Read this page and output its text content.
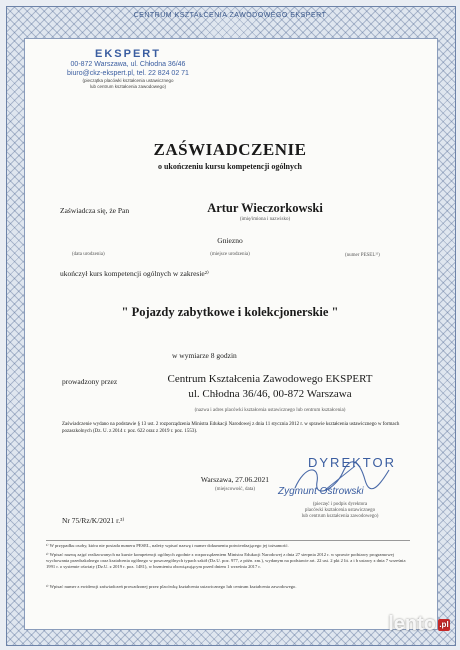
CENTRUM KSZTAŁCENIA ZAWODOWEGO EKSPERT
EKSPERT
00-872 Warszawa, ul. Chłodna 36/46
biuro@ckz-ekspert.pl, tel. 22 824 02 71
(pieczątka placówki kształcenia ustawicznego
lub centrum kształcenia zawodowego)
ZAŚWIADCZENIE
o ukończeniu kursu kompetencji ogólnych
Zaświadcza się, że Pan	Artur Wieczorkowski
(imię/imiona i nazwisko)
Gniezno
(data urodzenia)	(miejsce urodzenia)	(numer PESEL¹⁾)
ukończył kurs kompetencji ogólnych w zakresie²⁾
" Pojazdy zabytkowe i kolekcjonerskie "
w wymiarze 8 godzin
prowadzony przez	Centrum Kształcenia Zawodowego EKSPERT
ul. Chłodna 36/46, 00-872 Warszawa
(nazwa i adres placówki kształcenia ustawicznego lub centrum kształcenia)
Zaświadczenie wydano na podstawie § 13 ust. 2 rozporządzenia Ministra Edukacji Narodowej z dnia 11 stycznia 2012 r. w sprawie kształcenia ustawicznego w formach pozaszkolnych (Dz. U. z 2014 r. poz. 622 oraz z 2019 r. poz. 1553).
Warszawa, 27.06.2021
(miejscowość, data)
DYREKTOR
Zygmunt Ostrowski
(pieczęć i podpis dyrektora
placówki kształcenia ustawicznego
lub centrum kształcenia zawodowego)
Nr 75/Rz/K/2021 r.³⁾
¹⁾ W przypadku osoby, która nie posiada numeru PESEL, należy wpisać nazwę i numer dokumentu potwierdzającego jej tożsamość.
²⁾ Wpisać nazwę zajęć realizowanych na kursie kompetencji ogólnych zgodnie z rozporządzeniem Ministra Edukacji Narodowej z dnia 27 sierpnia 2012 r. w sprawie podstawy programowej wychowania przedszkolnego oraz kształcenia ogólnego w poszczególnych typach szkół (Dz.U. poz. 977, z późn. zm.), wydanym na podstawie art. 22 ust. 2 pkt 2 lit. a i b ustawy z dnia 7 września 1991 r. o systemie oświaty (Dz.U. z 2019 r. poz. 1481), w brzmieniu obowiązującym przed dniem 1 września 2017 r.
³⁾ Wpisać numer z ewidencji zaświadczeń prowadzonej przez placówkę kształcenia ustawicznego lub centrum kształcenia zawodowego.
lento .pl
